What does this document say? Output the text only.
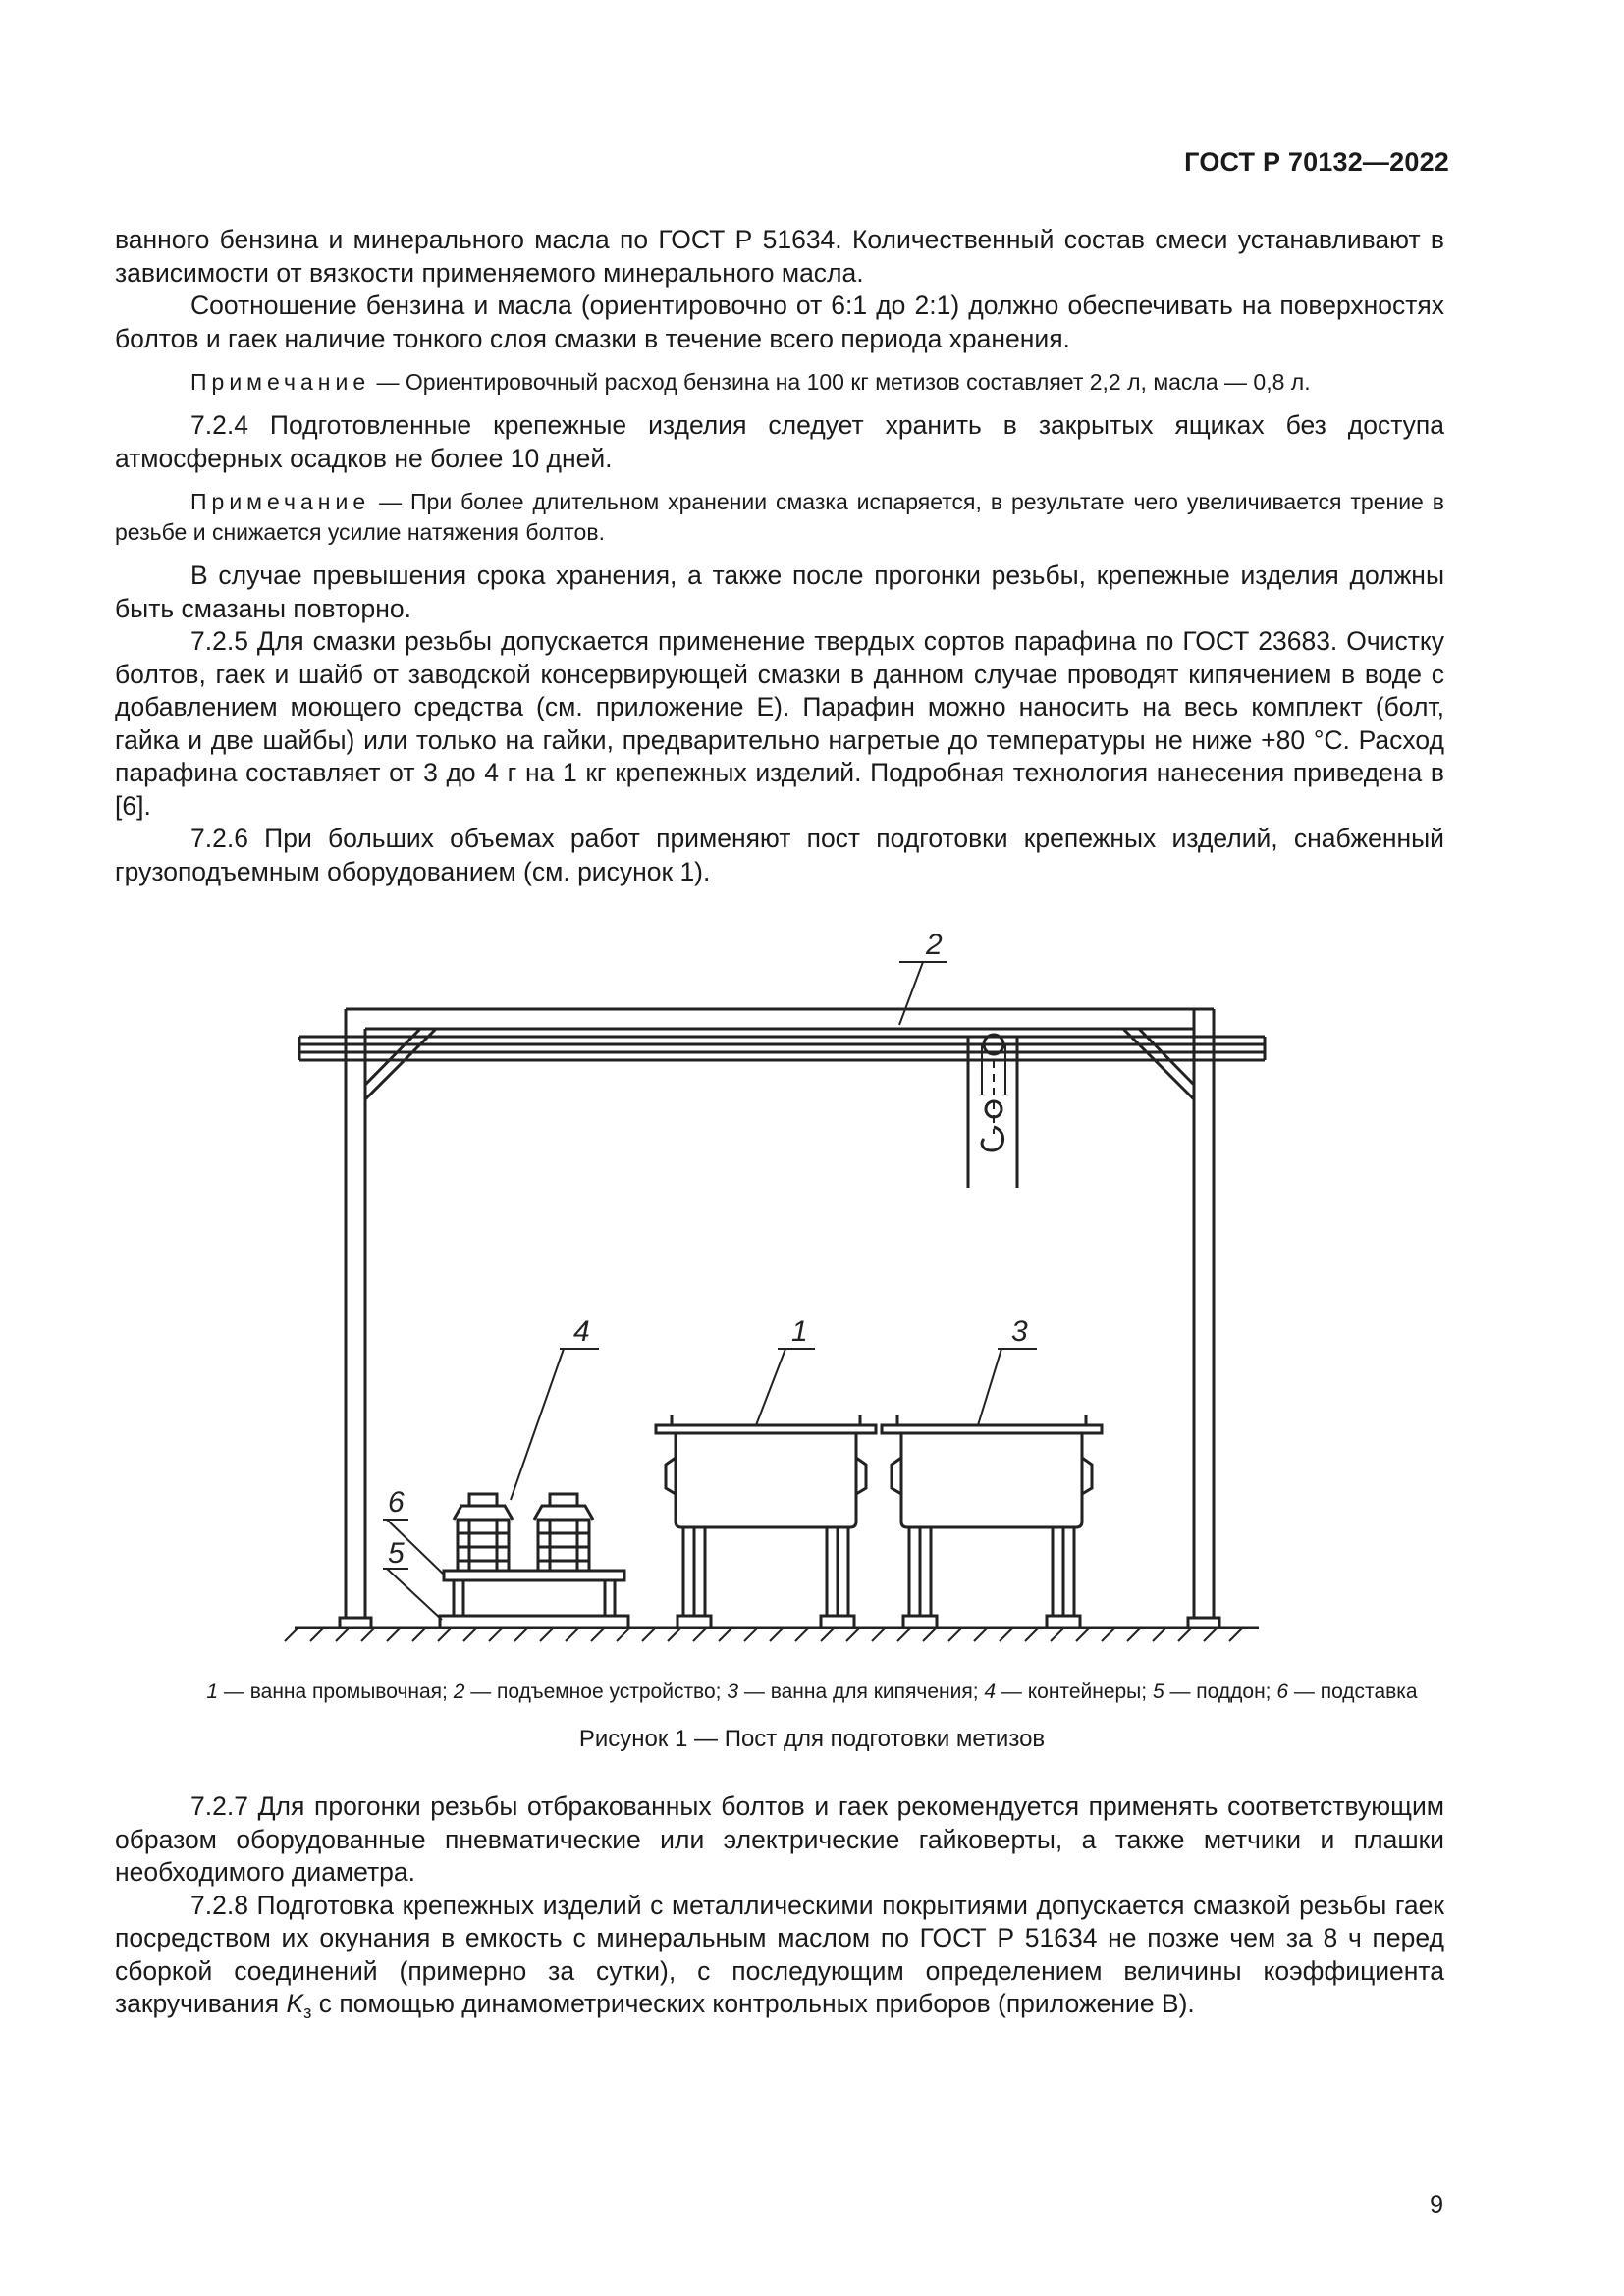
ГОСТ Р 70132—2022

ванного бензина и минерального масла по ГОСТ Р 51634. Количественный состав смеси устанавливают в зависимости от вязкости применяемого минерального масла.

Соотношение бензина и масла (ориентировочно от 6:1 до 2:1) должно обеспечивать на поверхностях болтов и гаек наличие тонкого слоя смазки в течение всего периода хранения.

Примечание — Ориентировочный расход бензина на 100 кг метизов составляет 2,2 л, масла — 0,8 л.

7.2.4 Подготовленные крепежные изделия следует хранить в закрытых ящиках без доступа атмосферных осадков не более 10 дней.

Примечание — При более длительном хранении смазка испаряется, в результате чего увеличивается трение в резьбе и снижается усилие натяжения болтов.

В случае превышения срока хранения, а также после прогонки резьбы, крепежные изделия должны быть смазаны повторно.

7.2.5 Для смазки резьбы допускается применение твердых сортов парафина по ГОСТ 23683. Очистку болтов, гаек и шайб от заводской консервирующей смазки в данном случае проводят кипячением в воде с добавлением моющего средства (см. приложение Е). Парафин можно наносить на весь комплект (болт, гайка и две шайбы) или только на гайки, предварительно нагретые до температуры не ниже +80 °С. Расход парафина составляет от 3 до 4 г на 1 кг крепежных изделий. Подробная технология нанесения приведена в [6].

7.2.6 При больших объемах работ применяют пост подготовки крепежных изделий, снабженный грузоподъемным оборудованием (см. рисунок 1).

2
1	3
4
6
5
1 — ванна промывочная; 2 — подъемное устройство; 3 — ванна для кипячения; 4 — контейнеры; 5 — поддон; 6 — подставка
Рисунок 1 — Пост для подготовки метизов

7.2.7 Для прогонки резьбы отбракованных болтов и гаек рекомендуется применять соответствующим образом оборудованные пневматические или электрические гайковерты, а также метчики и плашки необходимого диаметра.

7.2.8 Подготовка крепежных изделий с металлическими покрытиями допускается смазкой резьбы гаек посредством их окунания в емкость с минеральным маслом по ГОСТ Р 51634 не позже чем за 8 ч перед сборкой соединений (примерно за сутки), с последующим определением величины коэффициента закручивания $K_з$ с помощью динамометрических контрольных приборов (приложение В).

9
